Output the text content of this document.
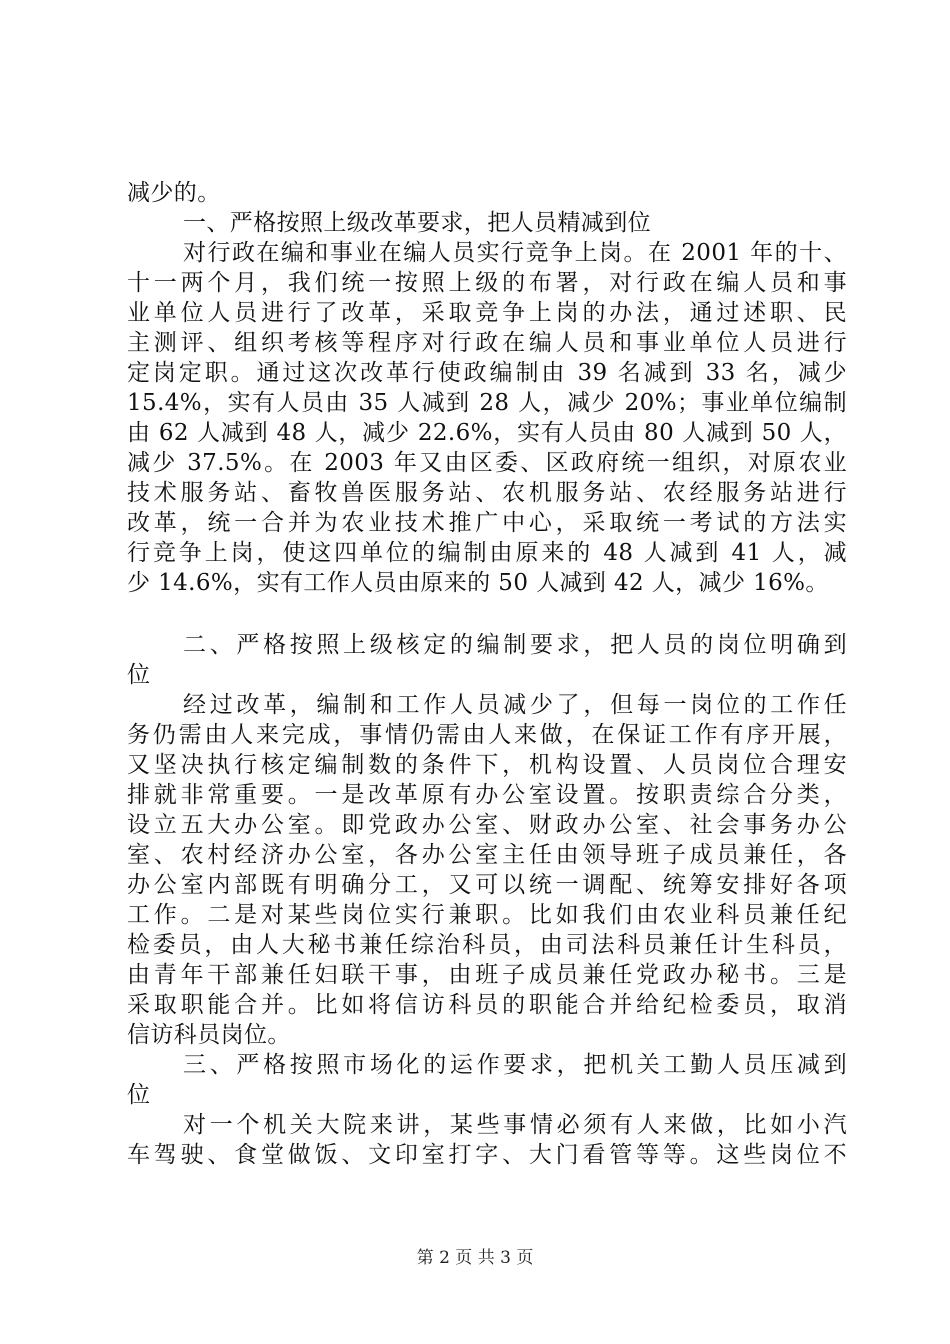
减少的。
一、严格按照上级改革要求，把人员精减到位
对行政在编和事业在编人员实行竞争上岗。在 2001 年的十、
十一两个月，我们统一按照上级的布署，对行政在编人员和事
业单位人员进行了改革，采取竞争上岗的办法，通过述职、民
主测评、组织考核等程序对行政在编人员和事业单位人员进行
定岗定职。通过这次改革行使政编制由 39 名减到 33 名，减少
15.4%，实有人员由 35 人减到 28 人，减少 20%；事业单位编制
由 62 人减到 48 人，减少 22.6%，实有人员由 80 人减到 50 人，
减少 37.5%。在 2003 年又由区委、区政府统一组织，对原农业
技术服务站、畜牧兽医服务站、农机服务站、农经服务站进行
改革，统一合并为农业技术推广中心，采取统一考试的方法实
行竞争上岗，使这四单位的编制由原来的 48 人减到 41 人，减
少 14.6%，实有工作人员由原来的 50 人减到 42 人，减少 16%。
二、严格按照上级核定的编制要求，把人员的岗位明确到
位
经过改革，编制和工作人员减少了，但每一岗位的工作任
务仍需由人来完成，事情仍需由人来做，在保证工作有序开展，
又坚决执行核定编制数的条件下，机构设置、人员岗位合理安
排就非常重要。一是改革原有办公室设置。按职责综合分类，
设立五大办公室。即党政办公室、财政办公室、社会事务办公
室、农村经济办公室，各办公室主任由领导班子成员兼任，各
办公室内部既有明确分工，又可以统一调配、统筹安排好各项
工作。二是对某些岗位实行兼职。比如我们由农业科员兼任纪
检委员，由人大秘书兼任综治科员，由司法科员兼任计生科员，
由青年干部兼任妇联干事，由班子成员兼任党政办秘书。三是
采取职能合并。比如将信访科员的职能合并给纪检委员，取消
信访科员岗位。
三、严格按照市场化的运作要求，把机关工勤人员压减到
位
对一个机关大院来讲，某些事情必须有人来做，比如小汽
车驾驶、食堂做饭、文印室打字、大门看管等等。这些岗位不
第 2 页 共 3 页
